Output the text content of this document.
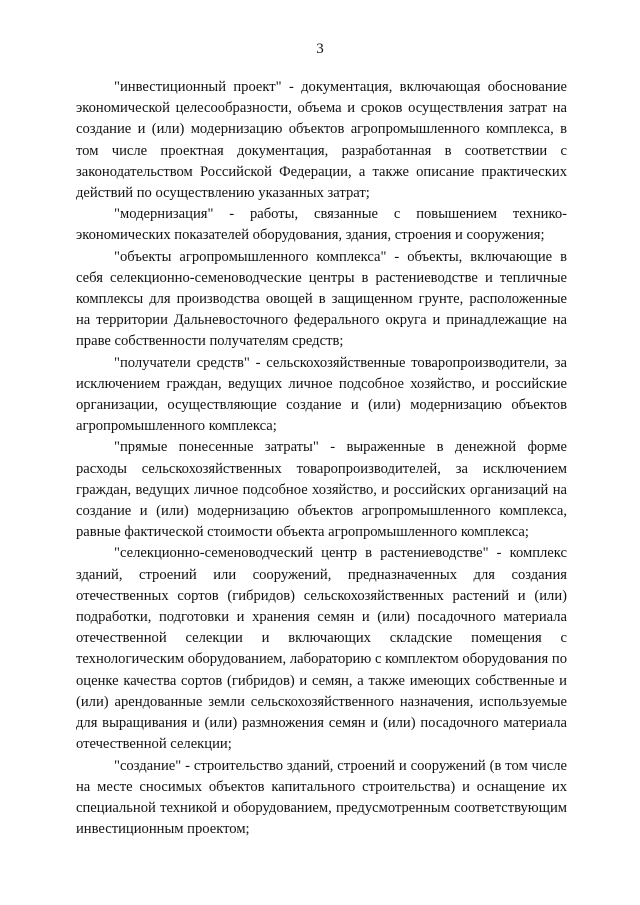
3

"инвестиционный проект" - документация, включающая обоснование экономической целесообразности, объема и сроков осуществления затрат на создание и (или) модернизацию объектов агропромышленного комплекса, в том числе проектная документация, разработанная в соответствии с законодательством Российской Федерации, а также описание практических действий по осуществлению указанных затрат;

"модернизация" - работы, связанные с повышением технико-экономических показателей оборудования, здания, строения и сооружения;

"объекты агропромышленного комплекса" - объекты, включающие в себя селекционно-семеноводческие центры в растениеводстве и тепличные комплексы для производства овощей в защищенном грунте, расположенные на территории Дальневосточного федерального округа и принадлежащие на праве собственности получателям средств;

"получатели средств" - сельскохозяйственные товаропроизводители, за исключением граждан, ведущих личное подсобное хозяйство, и российские организации, осуществляющие создание и (или) модернизацию объектов агропромышленного комплекса;

"прямые понесенные затраты" - выраженные в денежной форме расходы сельскохозяйственных товаропроизводителей, за исключением граждан, ведущих личное подсобное хозяйство, и российских организаций на создание и (или) модернизацию объектов агропромышленного комплекса, равные фактической стоимости объекта агропромышленного комплекса;

"селекционно-семеноводческий центр в растениеводстве" - комплекс зданий, строений или сооружений, предназначенных для создания отечественных сортов (гибридов) сельскохозяйственных растений и (или) подработки, подготовки и хранения семян и (или) посадочного материала отечественной селекции и включающих складские помещения с технологическим оборудованием, лабораторию с комплектом оборудования по оценке качества сортов (гибридов) и семян, а также имеющих собственные и (или) арендованные земли сельскохозяйственного назначения, используемые для выращивания и (или) размножения семян и (или) посадочного материала отечественной селекции;

"создание" - строительство зданий, строений и сооружений (в том числе на месте сносимых объектов капитального строительства) и оснащение их специальной техникой и оборудованием, предусмотренным соответствующим инвестиционным проектом;
